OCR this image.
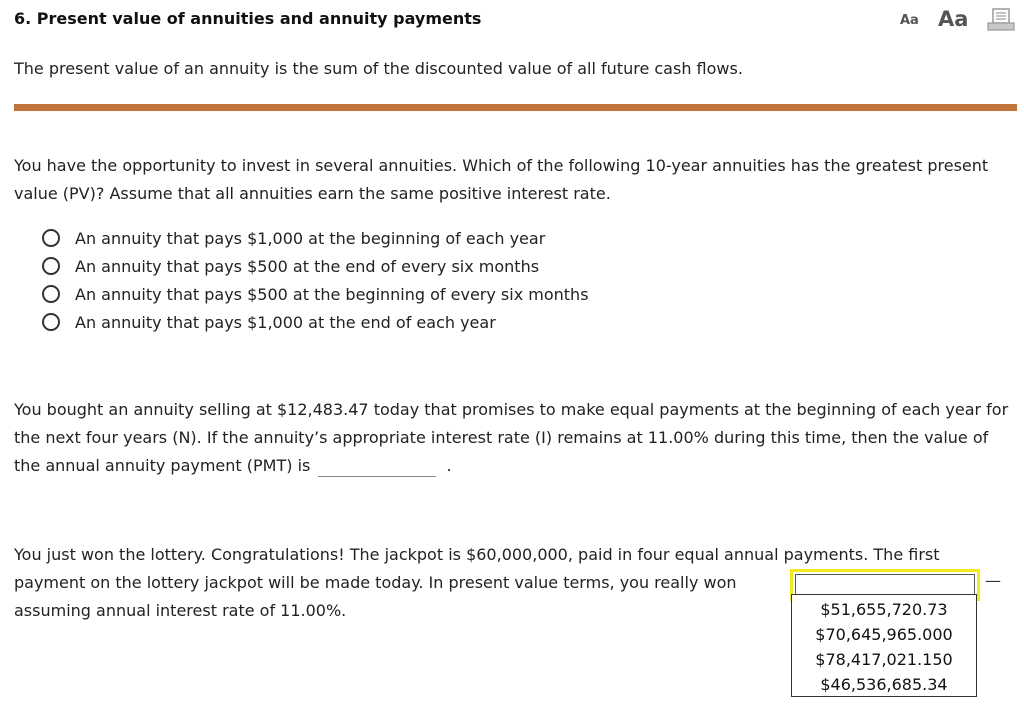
6. Present value of annuities and annuity payments	Aa Aa
The present value of an annuity is the sum of the discounted value of all future cash flows.
You have the opportunity to invest in several annuities. Which of the following 10-year annuities has the greatest present value (PV)? Assume that all annuities earn the same positive interest rate.
An annuity that pays $1,000 at the beginning of each year
An annuity that pays $500 at the end of every six months
An annuity that pays $500 at the beginning of every six months
An annuity that pays $1,000 at the end of each year
You bought an annuity selling at $12,483.47 today that promises to make equal payments at the beginning of each year for the next four years (N). If the annuity’s appropriate interest rate (I) remains at 11.00% during this time, then the value of the annual annuity payment (PMT) is	.
You just won the lottery. Congratulations! The jackpot is $60,000,000, paid in four equal annual payments. The first payment on the lottery jackpot will be made today. In present value terms, you really won
assuming annual interest rate of 11.00%.
—
$51,655,720.73
$70,645,965.000
$78,417,021.150
$46,536,685.34
